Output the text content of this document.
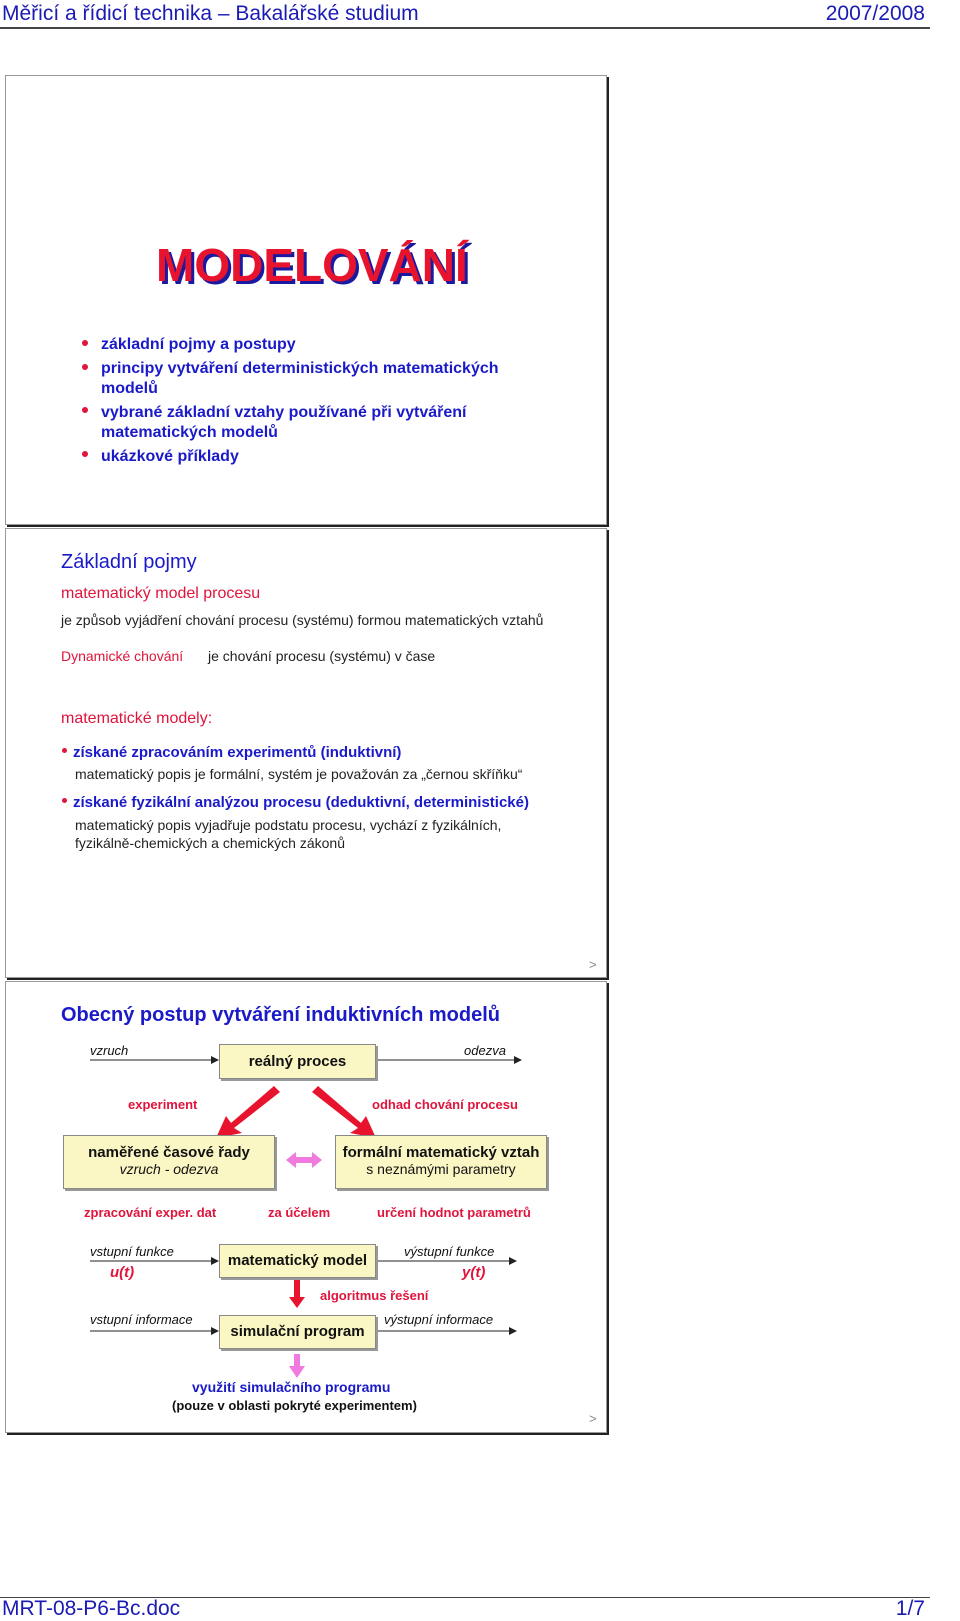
Měřicí a řídicí technika – Bakalářské studium	2007/2008
MODELOVÁNÍ
základní pojmy a postupy
principy vytváření deterministických matematických
modelů
vybrané základní vztahy používané při vytváření
matematických modelů
ukázkové příklady
Základní pojmy
matematický model procesu
je způsob vyjádření chování procesu (systému) formou matematických vztahů
Dynamické chování je chování procesu (systému) v čase
matematické modely:
získané zpracováním experimentů (induktivní)
matematický popis je formální, systém je považován za „černou skříňku“
získané fyzikální analýzou procesu (deduktivní, deterministické)
matematický popis vyjadřuje podstatu procesu, vychází z fyzikálních,
fyzikálně-chemických a chemických zákonů
>
Obecný postup vytváření induktivních modelů
vzruch	odezva
reálný proces
experiment	odhad chování procesu
naměřené časové řady
vzruch - odezva
formální matematický vztah
s neznámými parametry
zpracování exper. dat	za účelem	určení hodnot parametrů
vstupní funkce
u(t)
matematický model
výstupní funkce
y(t)
algoritmus řešení
vstupní informace
simulační program
výstupní informace
využití simulačního programu
(pouze v oblasti pokryté experimentem)
>
MRT-08-P6-Bc.doc	1/7
